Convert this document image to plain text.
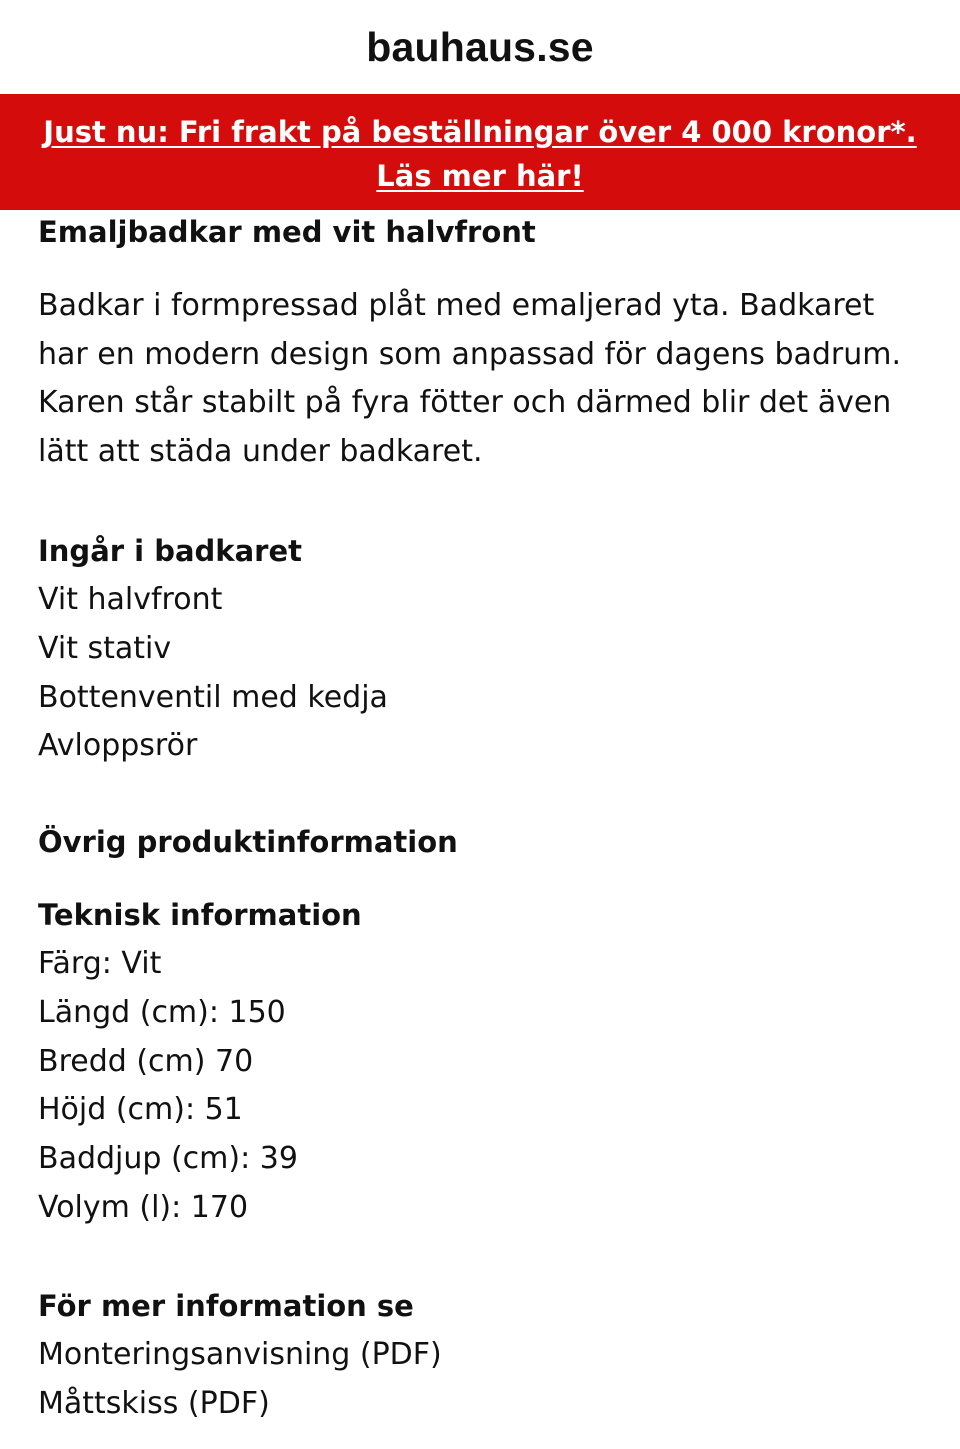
bauhaus.se
Just nu: Fri frakt på beställningar över 4 000 kronor*. Läs mer här!
Emaljbadkar med vit halvfront

Badkar i formpressad plåt med emaljerad yta. Badkaret har en modern design som anpassad för dagens badrum. Karen står stabilt på fyra fötter och därmed blir det även lätt att städa under badkaret.

Ingår i badkaret
Vit halvfront
Vit stativ
Bottenventil med kedja
Avloppsrör
Övrig produktinformation
Teknisk information
Färg: Vit
Längd (cm): 150
Bredd (cm) 70
Höjd (cm): 51
Baddjup (cm): 39
Volym (l): 170
För mer information se
Monteringsanvisning (PDF)
Måttskiss (PDF)
